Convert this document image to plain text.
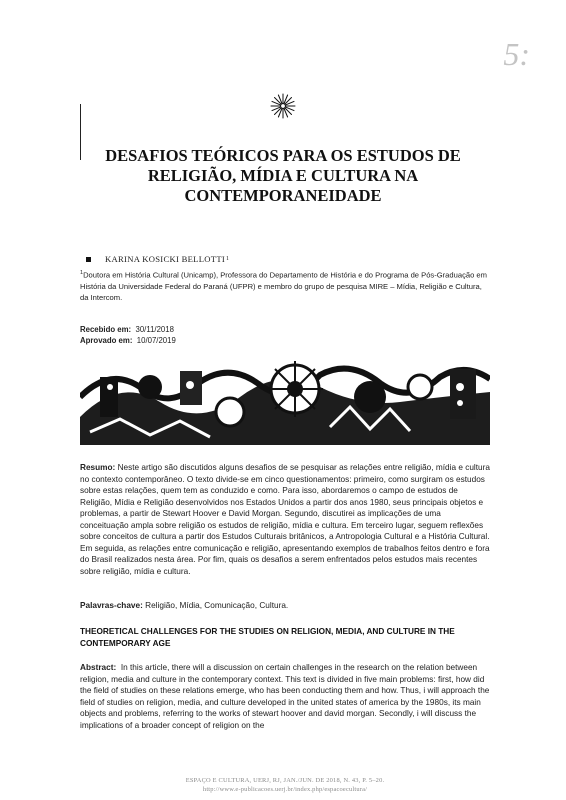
5:
DESAFIOS TEÓRICOS PARA OS ESTUDOS DE
RELIGIÃO, MÍDIA E CULTURA NA
CONTEMPORANEIDADE
KARINA KOSICKI BELLOTTI 1
$^1$Doutora em História Cultural (Unicamp), Professora do Departamento de História e do Programa de Pós-Graduação em História da Universidade Federal do Paraná (UFPR) e membro do grupo de pesquisa MIRE – Mídia, Religião e Cultura, da Intercom.
Recebido em: 30/11/2018
Aprovado em: 10/07/2019
Resumo: Neste artigo são discutidos alguns desafios de se pesquisar as relações entre religião, mídia e cultura no contexto contemporâneo. O texto divide-se em cinco questionamentos: primeiro, como surgiram os estudos sobre estas relações, quem tem as conduzido e como. Para isso, abordaremos o campo de estudos de Religião, Mídia e Religião desenvolvidos nos Estados Unidos a partir dos anos 1980, seus principais objetos e problemas, a partir de Stewart Hoover e David Morgan. Segundo, discutirei as implicações de uma conceituação ampla sobre religião os estudos de religião, mídia e cultura. Em terceiro lugar, seguem reflexões sobre conceitos de cultura a partir dos Estudos Culturais britânicos, a Antropologia Cultural e a História Cultural. Em seguida, as relações entre comunicação e religião, apresentando exemplos de trabalhos feitos dentro e fora do Brasil realizados nesta área. Por fim, quais os desafios a serem enfrentados pelos estudos mais recentes sobre religião, mídia e cultura.
Palavras-chave: Religião, Mídia, Comunicação, Cultura.
THEORETICAL CHALLENGES FOR THE STUDIES ON RELIGION, MEDIA, AND CULTURE IN THE CONTEMPORARY AGE
Abstract: In this article, there will a discussion on certain challenges in the research on the relation between religion, media and culture in the contemporary context. This text is divided in five main problems: first, how did the field of studies on these relations emerge, who has been conducting them and how. Thus, i will approach the field of studies on religion, media, and culture developed in the united states of america by the 1980s, its main objects and problems, referring to the works of stewart hoover and david morgan. Secondly, i will discuss the implications of a broader concept of religion on the
ESPAÇO E CULTURA, UERJ, RJ, JAN./JUN. DE 2018, N. 43, P. 5–20.
http://www.e-publicacoes.uerj.br/index.php/espacoecultura/
